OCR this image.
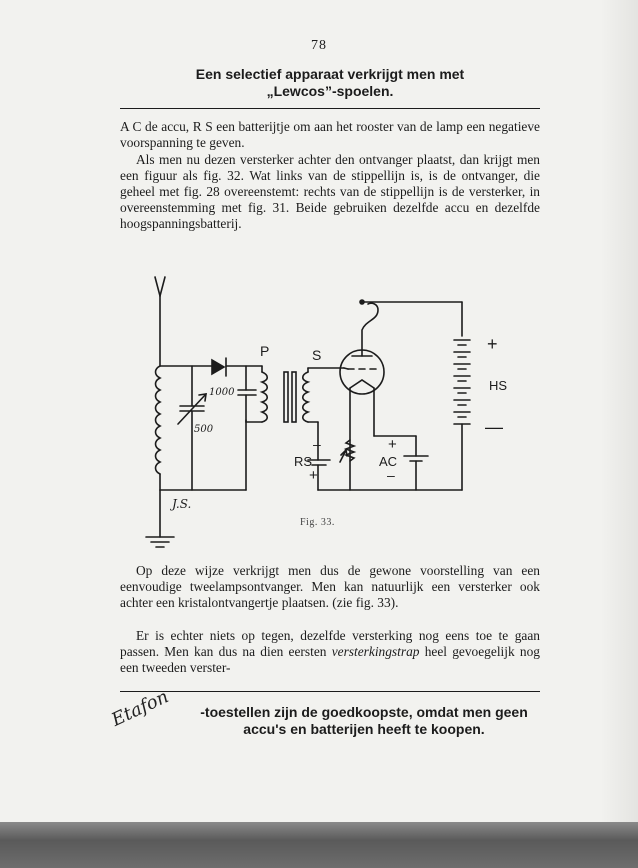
78
Een selectief apparaat verkrijgt men met
„Lewcos”-spoelen.

A C de accu, R S een batterijtje om aan het rooster van de lamp een negatieve voorspanning te geven.

Als men nu dezen versterker achter den ontvanger plaatst, dan krijgt men een figuur als fig. 32. Wat links van de stippellijn is, is de ontvanger, die geheel met fig. 28 overeenstemt: rechts van de stippellijn is de versterker, in overeenstemming met fig. 31. Beide gebruiken dezelfde accu en dezelfde hoogspanningsbatterij.

P	S
1000
500
J.S.
RS	AC
HS
+
—
–
+
+
–
Fig. 33.

Op deze wijze verkrijgt men dus de gewone voorstelling van een eenvoudige tweelampsontvanger. Men kan natuurlijk een versterker ook achter een kristalontvangertje plaatsen. (zie fig. 33).

Er is echter niets op tegen, dezelfde versterking nog eens toe te gaan passen. Men kan dus na dien eersten versterkingstrap heel gevoegelijk nog een tweeden verster-

Etafon	-toestellen zijn de goedkoopste, omdat men geen
accu's en batterijen heeft te koopen.
